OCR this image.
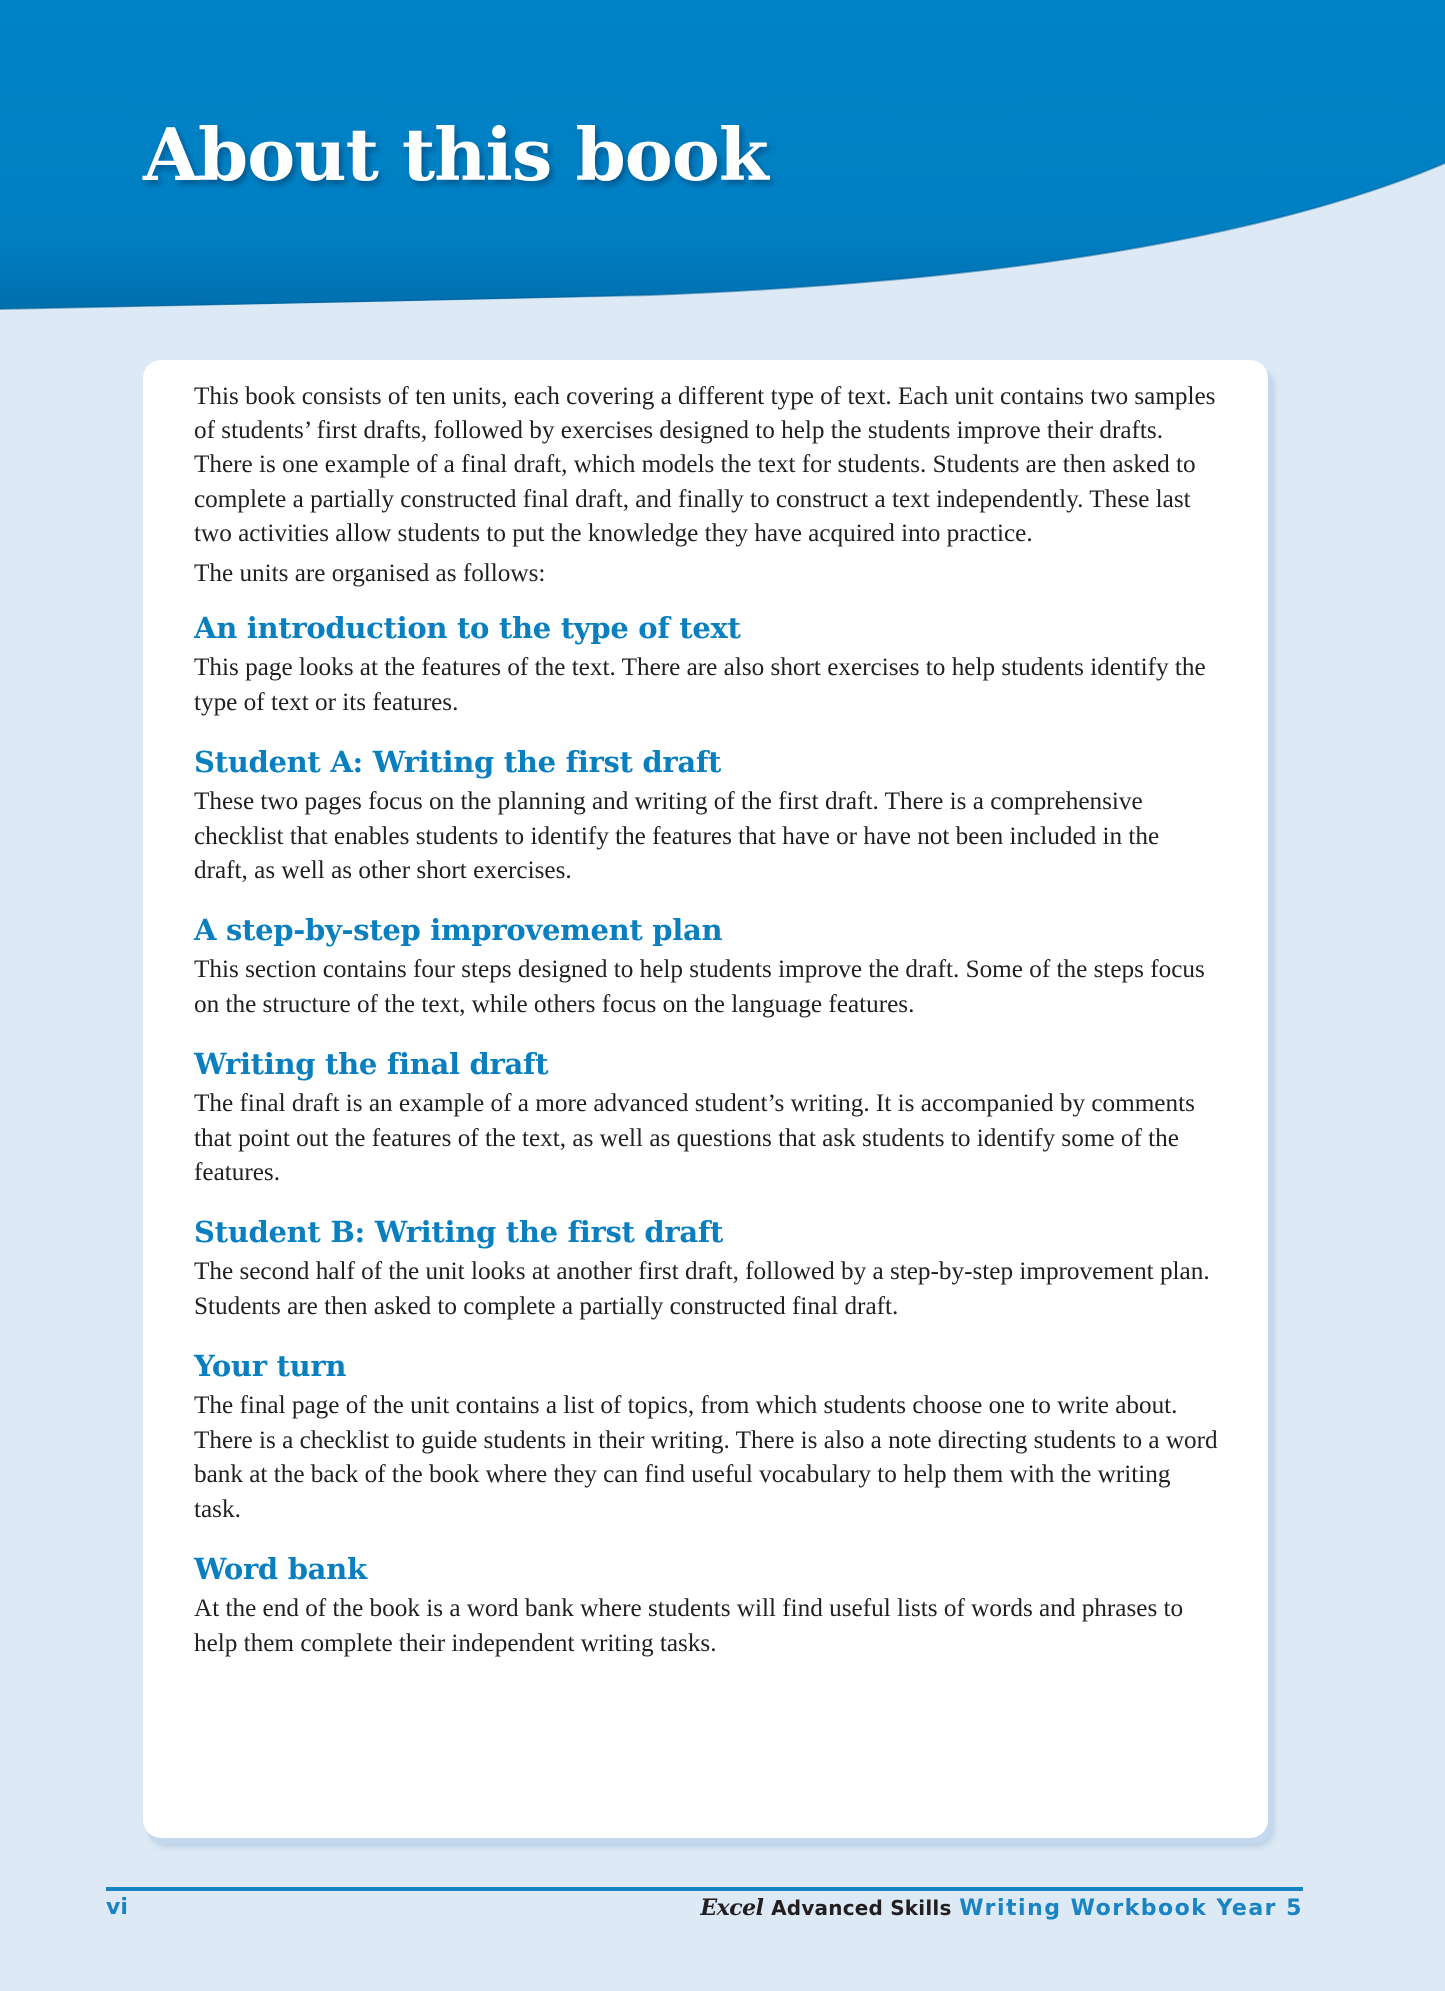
About this book

This book consists of ten units, each covering a different type of text. Each unit contains two samples of students’ first drafts, followed by exercises designed to help the students improve their drafts. There is one example of a final draft, which models the text for students. Students are then asked to complete a partially constructed final draft, and finally to construct a text independently. These last two activities allow students to put the knowledge they have acquired into practice.

The units are organised as follows:

An introduction to the type of text

This page looks at the features of the text. There are also short exercises to help students identify the type of text or its features.

Student A: Writing the first draft

These two pages focus on the planning and writing of the first draft. There is a comprehensive checklist that enables students to identify the features that have or have not been included in the draft, as well as other short exercises.

A step-by-step improvement plan

This section contains four steps designed to help students improve the draft. Some of the steps focus on the structure of the text, while others focus on the language features.

Writing the final draft

The final draft is an example of a more advanced student’s writing. It is accompanied by comments that point out the features of the text, as well as questions that ask students to identify some of the features.

Student B: Writing the first draft

The second half of the unit looks at another first draft, followed by a step-by-step improvement plan. Students are then asked to complete a partially constructed final draft.

Your turn

The final page of the unit contains a list of topics, from which students choose one to write about. There is a checklist to guide students in their writing. There is also a note directing students to a word bank at the back of the book where they can find useful vocabulary to help them with the writing task.

Word bank

At the end of the book is a word bank where students will find useful lists of words and phrases to help them complete their independent writing tasks.

vi	Excel Advanced Skills Writing Workbook Year 5
